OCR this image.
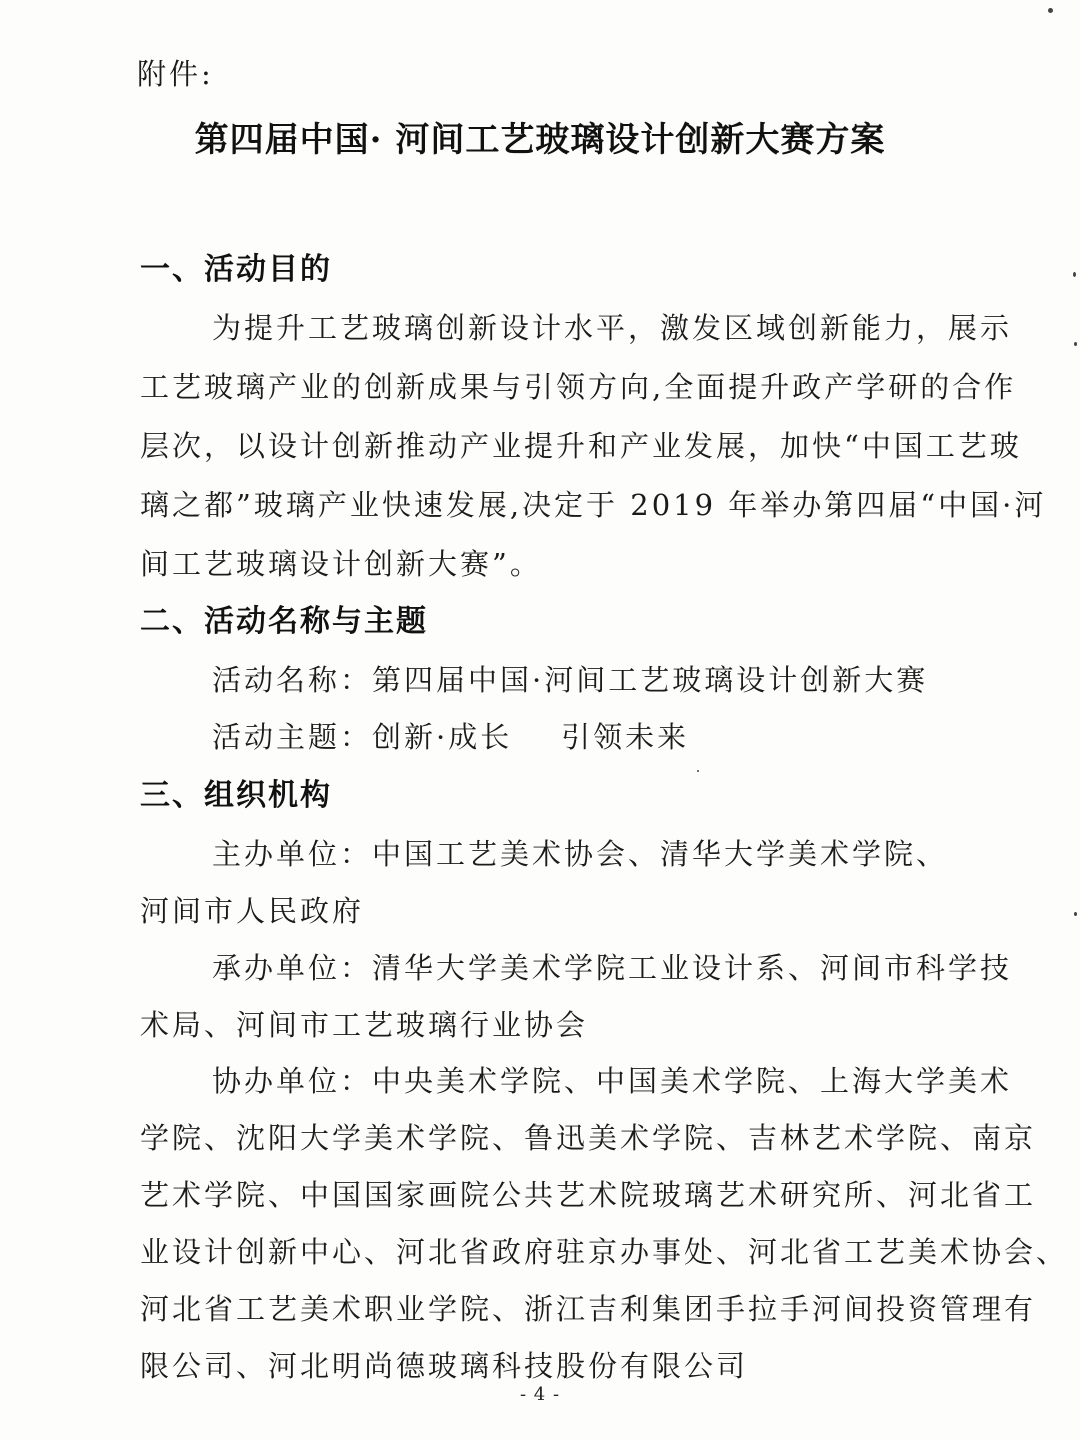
附件:
第四届中国· 河间工艺玻璃设计创新大赛方案
一、活动目的
为提升工艺玻璃创新设计水平，激发区域创新能力，展示
工艺玻璃产业的创新成果与引领方向,全面提升政产学研的合作
层次，以设计创新推动产业提升和产业发展，加快“中国工艺玻
璃之都”玻璃产业快速发展,决定于 2019 年举办第四届“中国·河
间工艺玻璃设计创新大赛”。
二、活动名称与主题
活动名称：第四届中国·河间工艺玻璃设计创新大赛
活动主题：创新·成长    引领未来
三、组织机构
主办单位：中国工艺美术协会、清华大学美术学院、
河间市人民政府
承办单位：清华大学美术学院工业设计系、河间市科学技
术局、河间市工艺玻璃行业协会
协办单位：中央美术学院、中国美术学院、上海大学美术
学院、沈阳大学美术学院、鲁迅美术学院、吉林艺术学院、南京
艺术学院、中国国家画院公共艺术院玻璃艺术研究所、河北省工
业设计创新中心、河北省政府驻京办事处、河北省工艺美术协会、
河北省工艺美术职业学院、浙江吉利集团手拉手河间投资管理有
限公司、河北明尚德玻璃科技股份有限公司
- 4 -
